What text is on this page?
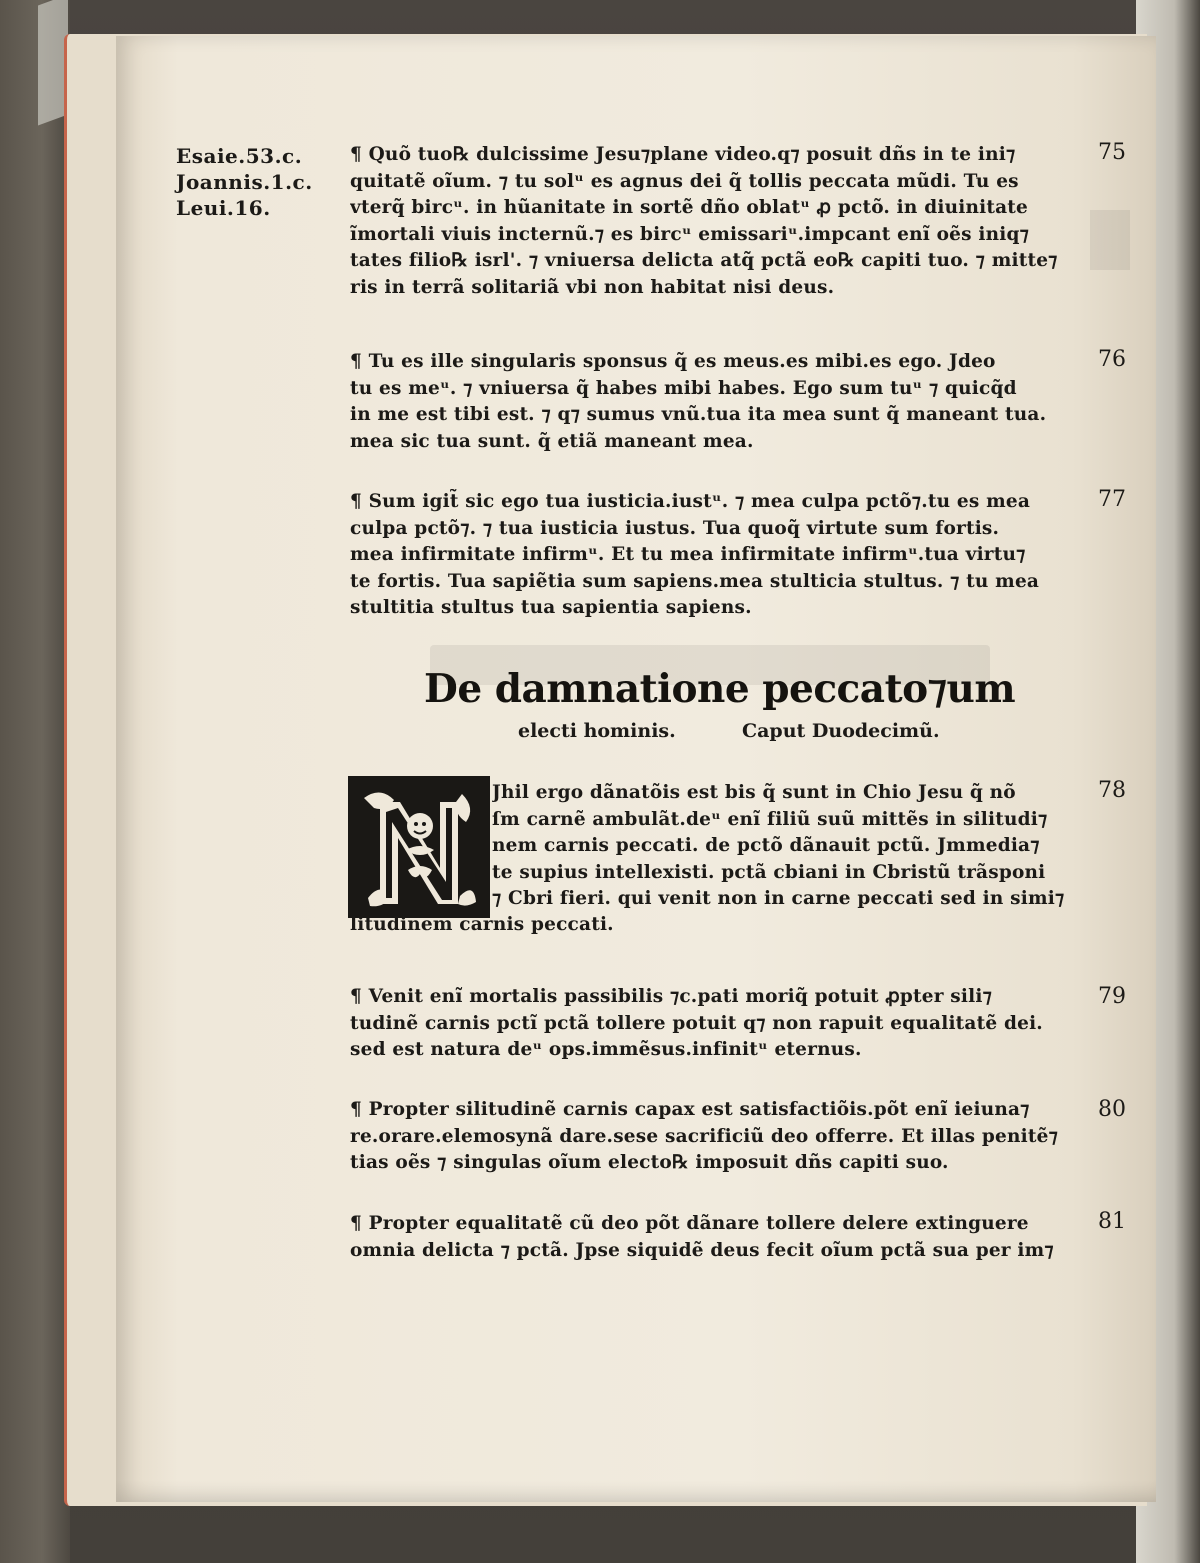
Esaie.53.c.
Joannis.1.c.
Leui.16.
¶ Quõ tuo℞ dulcissime Jesu⁊plane video.q⁊ posuit dñs in te ini⁊
quitatẽ oĩum. ⁊ tu solᵘ es agnus dei q̃ tollis peccata mũdi. Tu es
vterq̃ bircᵘ. in hũanitate in sortẽ dño oblatᵘ ꝓ pctõ. in diuinitate
ĩmortali viuis incternũ.⁊ es bircᵘ emissariᵘ.impcant enĩ oẽs iniq⁊
tates filio℞ isrl'. ⁊ vniuersa delicta atq̃ pctã eo℞ capiti tuo. ⁊ mitte⁊
ris in terrã solitariã vbi non habitat nisi deus.
75
¶ Tu es ille singularis sponsus q̃ es meus.es mibi.es ego. Jdeo
tu es meᵘ. ⁊ vniuersa q̃ habes mibi habes. Ego sum tuᵘ ⁊ quicq̃d
in me est tibi est. ⁊ q⁊ sumus vnũ.tua ita mea sunt q̃ maneant tua.
mea sic tua sunt. q̃ etiã maneant mea.
76
¶ Sum igit̃ sic ego tua iusticia.iustᵘ. ⁊ mea culpa pctõ⁊.tu es mea
culpa pctõ⁊. ⁊ tua iusticia iustus. Tua quoq̃ virtute sum fortis.
mea infirmitate infirmᵘ. Et tu mea infirmitate infirmᵘ.tua virtu⁊
te fortis. Tua sapiẽtia sum sapiens.mea stulticia stultus. ⁊ tu mea
stultitia stultus tua sapientia sapiens.
77
De damnatione peccato⁊um
electi hominis.	Caput Duodecimũ.
Jhil ergo dãnatõis est bis q̃ sunt in Chio Jesu q̃ nõ
ſm carnẽ ambulãt.deᵘ enĩ filiũ suũ mittẽs in silitudi⁊
nem carnis peccati. de pctõ dãnauit pctũ. Jmmedia⁊
te supius intellexisti. pctã cbiani in Cbristũ trãsponi
⁊ Cbri fieri. qui venit non in carne peccati sed in simi⁊
litudinem carnis peccati.
78
¶ Venit enĩ mortalis passibilis ⁊c.pati moriq̃ potuit ꝓpter sili⁊
tudinẽ carnis pctĩ pctã tollere potuit q⁊ non rapuit equalitatẽ dei.
sed est natura deᵘ ops.immẽsus.infinitᵘ eternus.
79
¶ Propter silitudinẽ carnis capax est satisfactiõis.põt enĩ ieiuna⁊
re.orare.elemosynã dare.sese sacrificiũ deo offerre. Et illas penitẽ⁊
tias oẽs ⁊ singulas oĩum electo℞ imposuit dñs capiti suo.
80
¶ Propter equalitatẽ cũ deo põt dãnare tollere delere extinguere
omnia delicta ⁊ pctã. Jpse siquidẽ deus fecit oĩum pctã sua per im⁊
81
